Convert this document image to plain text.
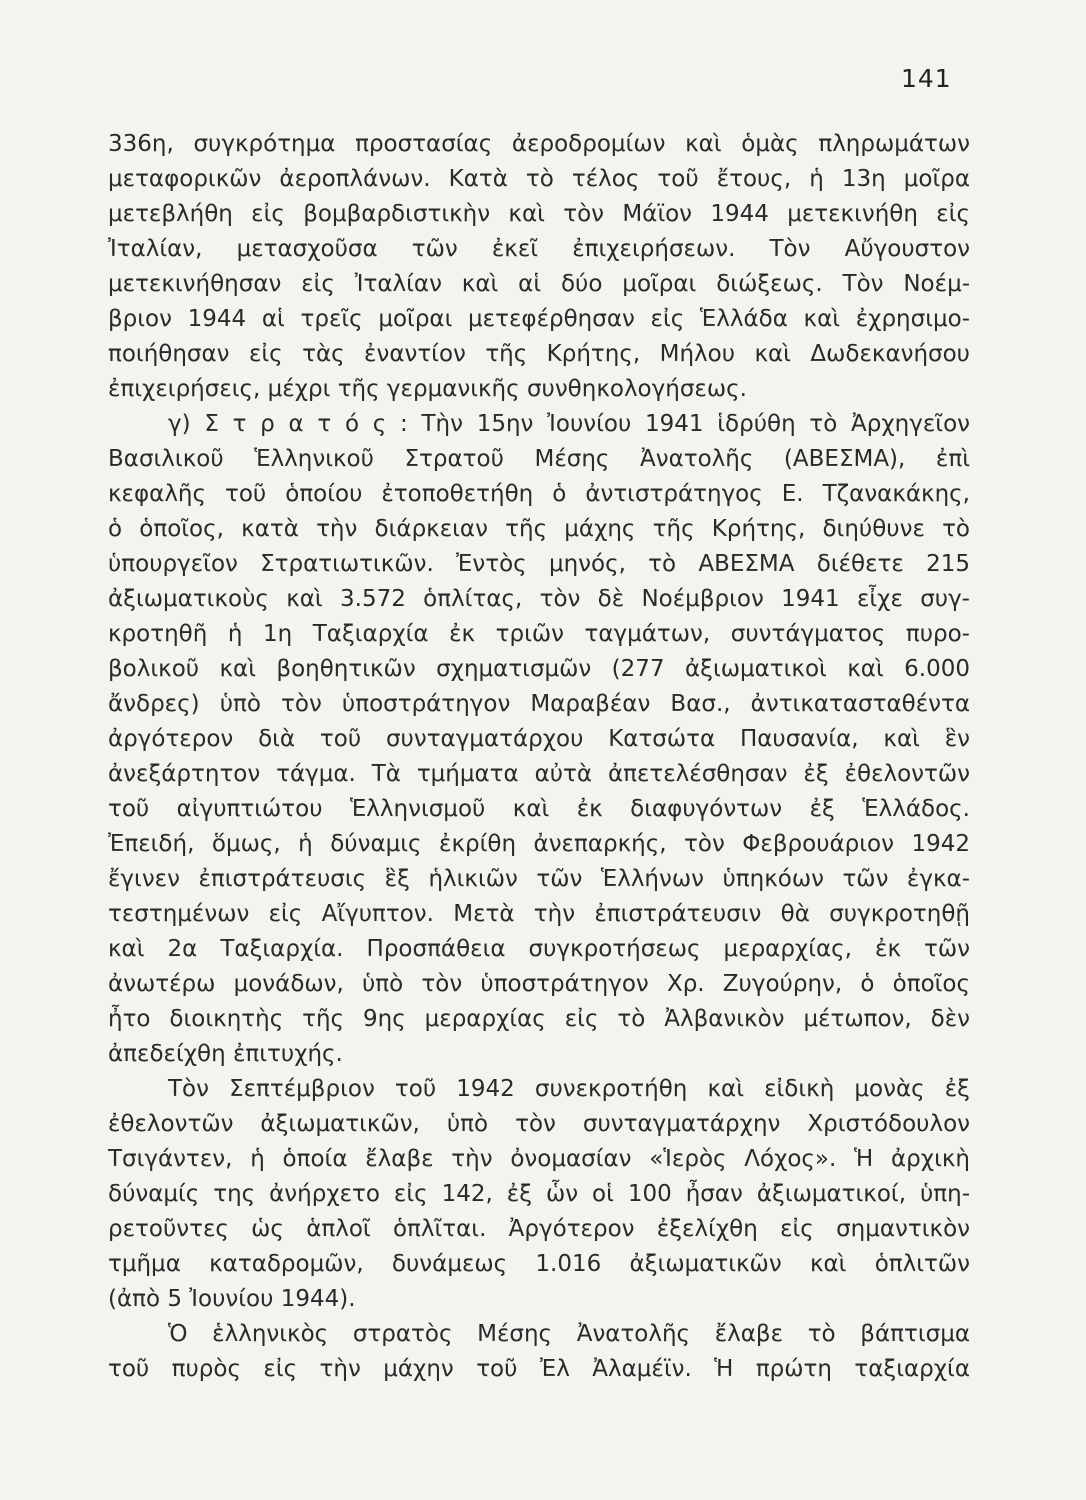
141
336η, συγκρότημα προστασίας ἀεροδρομίων καὶ ὁμὰς πληρωμάτων
μεταφορικῶν ἀεροπλάνων. Κατὰ τὸ τέλος τοῦ ἔτους, ἡ 13η μοῖρα
μετεβλήθη εἰς βομβαρδιστικὴν καὶ τὸν Μάϊον 1944 μετεκινήθη εἰς
Ἰταλίαν, μετασχοῦσα τῶν ἐκεῖ ἐπιχειρήσεων. Τὸν Αὔγουστον
μετεκινήθησαν εἰς Ἰταλίαν καὶ αἱ δύο μοῖραι διώξεως. Τὸν Νοέμ-
βριον 1944 αἱ τρεῖς μοῖραι μετεφέρθησαν εἰς Ἑλλάδα καὶ ἐχρησιμο-
ποιήθησαν εἰς τὰς ἐναντίον τῆς Κρήτης, Μήλου καὶ Δωδεκανήσου
ἐπιχειρήσεις, μέχρι τῆς γερμανικῆς συνθηκολογήσεως.
γ) Σ τ ρ α τ ό ς : Τὴν 15ην Ἰουνίου 1941 ἱδρύθη τὸ Ἀρχηγεῖον
Βασιλικοῦ Ἑλληνικοῦ Στρατοῦ Μέσης Ἀνατολῆς (ΑΒΕΣΜΑ), ἐπὶ
κεφαλῆς τοῦ ὁποίου ἐτοποθετήθη ὁ ἀντιστράτηγος Ε. Τζανακάκης,
ὁ ὁποῖος, κατὰ τὴν διάρκειαν τῆς μάχης τῆς Κρήτης, διηύθυνε τὸ
ὑπουργεῖον Στρατιωτικῶν. Ἐντὸς μηνός, τὸ ΑΒΕΣΜΑ διέθετε 215
ἀξιωματικοὺς καὶ 3.572 ὁπλίτας, τὸν δὲ Νοέμβριον 1941 εἶχε συγ-
κροτηθῆ ἡ 1η Ταξιαρχία ἐκ τριῶν ταγμάτων, συντάγματος πυρο-
βολικοῦ καὶ βοηθητικῶν σχηματισμῶν (277 ἀξιωματικοὶ καὶ 6.000
ἄνδρες) ὑπὸ τὸν ὑποστράτηγον Μαραβέαν Βασ., ἀντικατασταθέντα
ἀργότερον διὰ τοῦ συνταγματάρχου Κατσώτα Παυσανία, καὶ ἓν
ἀνεξάρτητον τάγμα. Τὰ τμήματα αὐτὰ ἀπετελέσθησαν ἐξ ἐθελοντῶν
τοῦ αἰγυπτιώτου Ἑλληνισμοῦ καὶ ἐκ διαφυγόντων ἐξ Ἑλλάδος.
Ἐπειδή, ὅμως, ἡ δύναμις ἐκρίθη ἀνεπαρκής, τὸν Φεβρουάριον 1942
ἔγινεν ἐπιστράτευσις ἓξ ἡλικιῶν τῶν Ἑλλήνων ὑπηκόων τῶν ἐγκα-
τεστημένων εἰς Αἴγυπτον. Μετὰ τὴν ἐπιστράτευσιν θὰ συγκροτηθῇ
καὶ 2α Ταξιαρχία. Προσπάθεια συγκροτήσεως μεραρχίας, ἐκ τῶν
ἀνωτέρω μονάδων, ὑπὸ τὸν ὑποστράτηγον Χρ. Ζυγούρην, ὁ ὁποῖος
ἦτο διοικητὴς τῆς 9ης μεραρχίας εἰς τὸ Ἀλβανικὸν μέτωπον, δὲν
ἀπεδείχθη ἐπιτυχής.
Τὸν Σεπτέμβριον τοῦ 1942 συνεκροτήθη καὶ εἰδικὴ μονὰς ἐξ
ἐθελοντῶν ἀξιωματικῶν, ὑπὸ τὸν συνταγματάρχην Χριστόδουλον
Τσιγάντεν, ἡ ὁποία ἔλαβε τὴν ὀνομασίαν «Ἱερὸς Λόχος». Ἡ ἀρχικὴ
δύναμίς της ἀνήρχετο εἰς 142, ἐξ ὧν οἱ 100 ἦσαν ἀξιωματικοί, ὑπη-
ρετοῦντες ὡς ἁπλοῖ ὁπλῖται. Ἀργότερον ἐξελίχθη εἰς σημαντικὸν
τμῆμα καταδρομῶν, δυνάμεως 1.016 ἀξιωματικῶν καὶ ὁπλιτῶν
(ἀπὸ 5 Ἰουνίου 1944).
Ὁ ἑλληνικὸς στρατὸς Μέσης Ἀνατολῆς ἔλαβε τὸ βάπτισμα
τοῦ πυρὸς εἰς τὴν μάχην τοῦ Ἐλ Ἀλαμέϊν. Ἡ πρώτη ταξιαρχία
